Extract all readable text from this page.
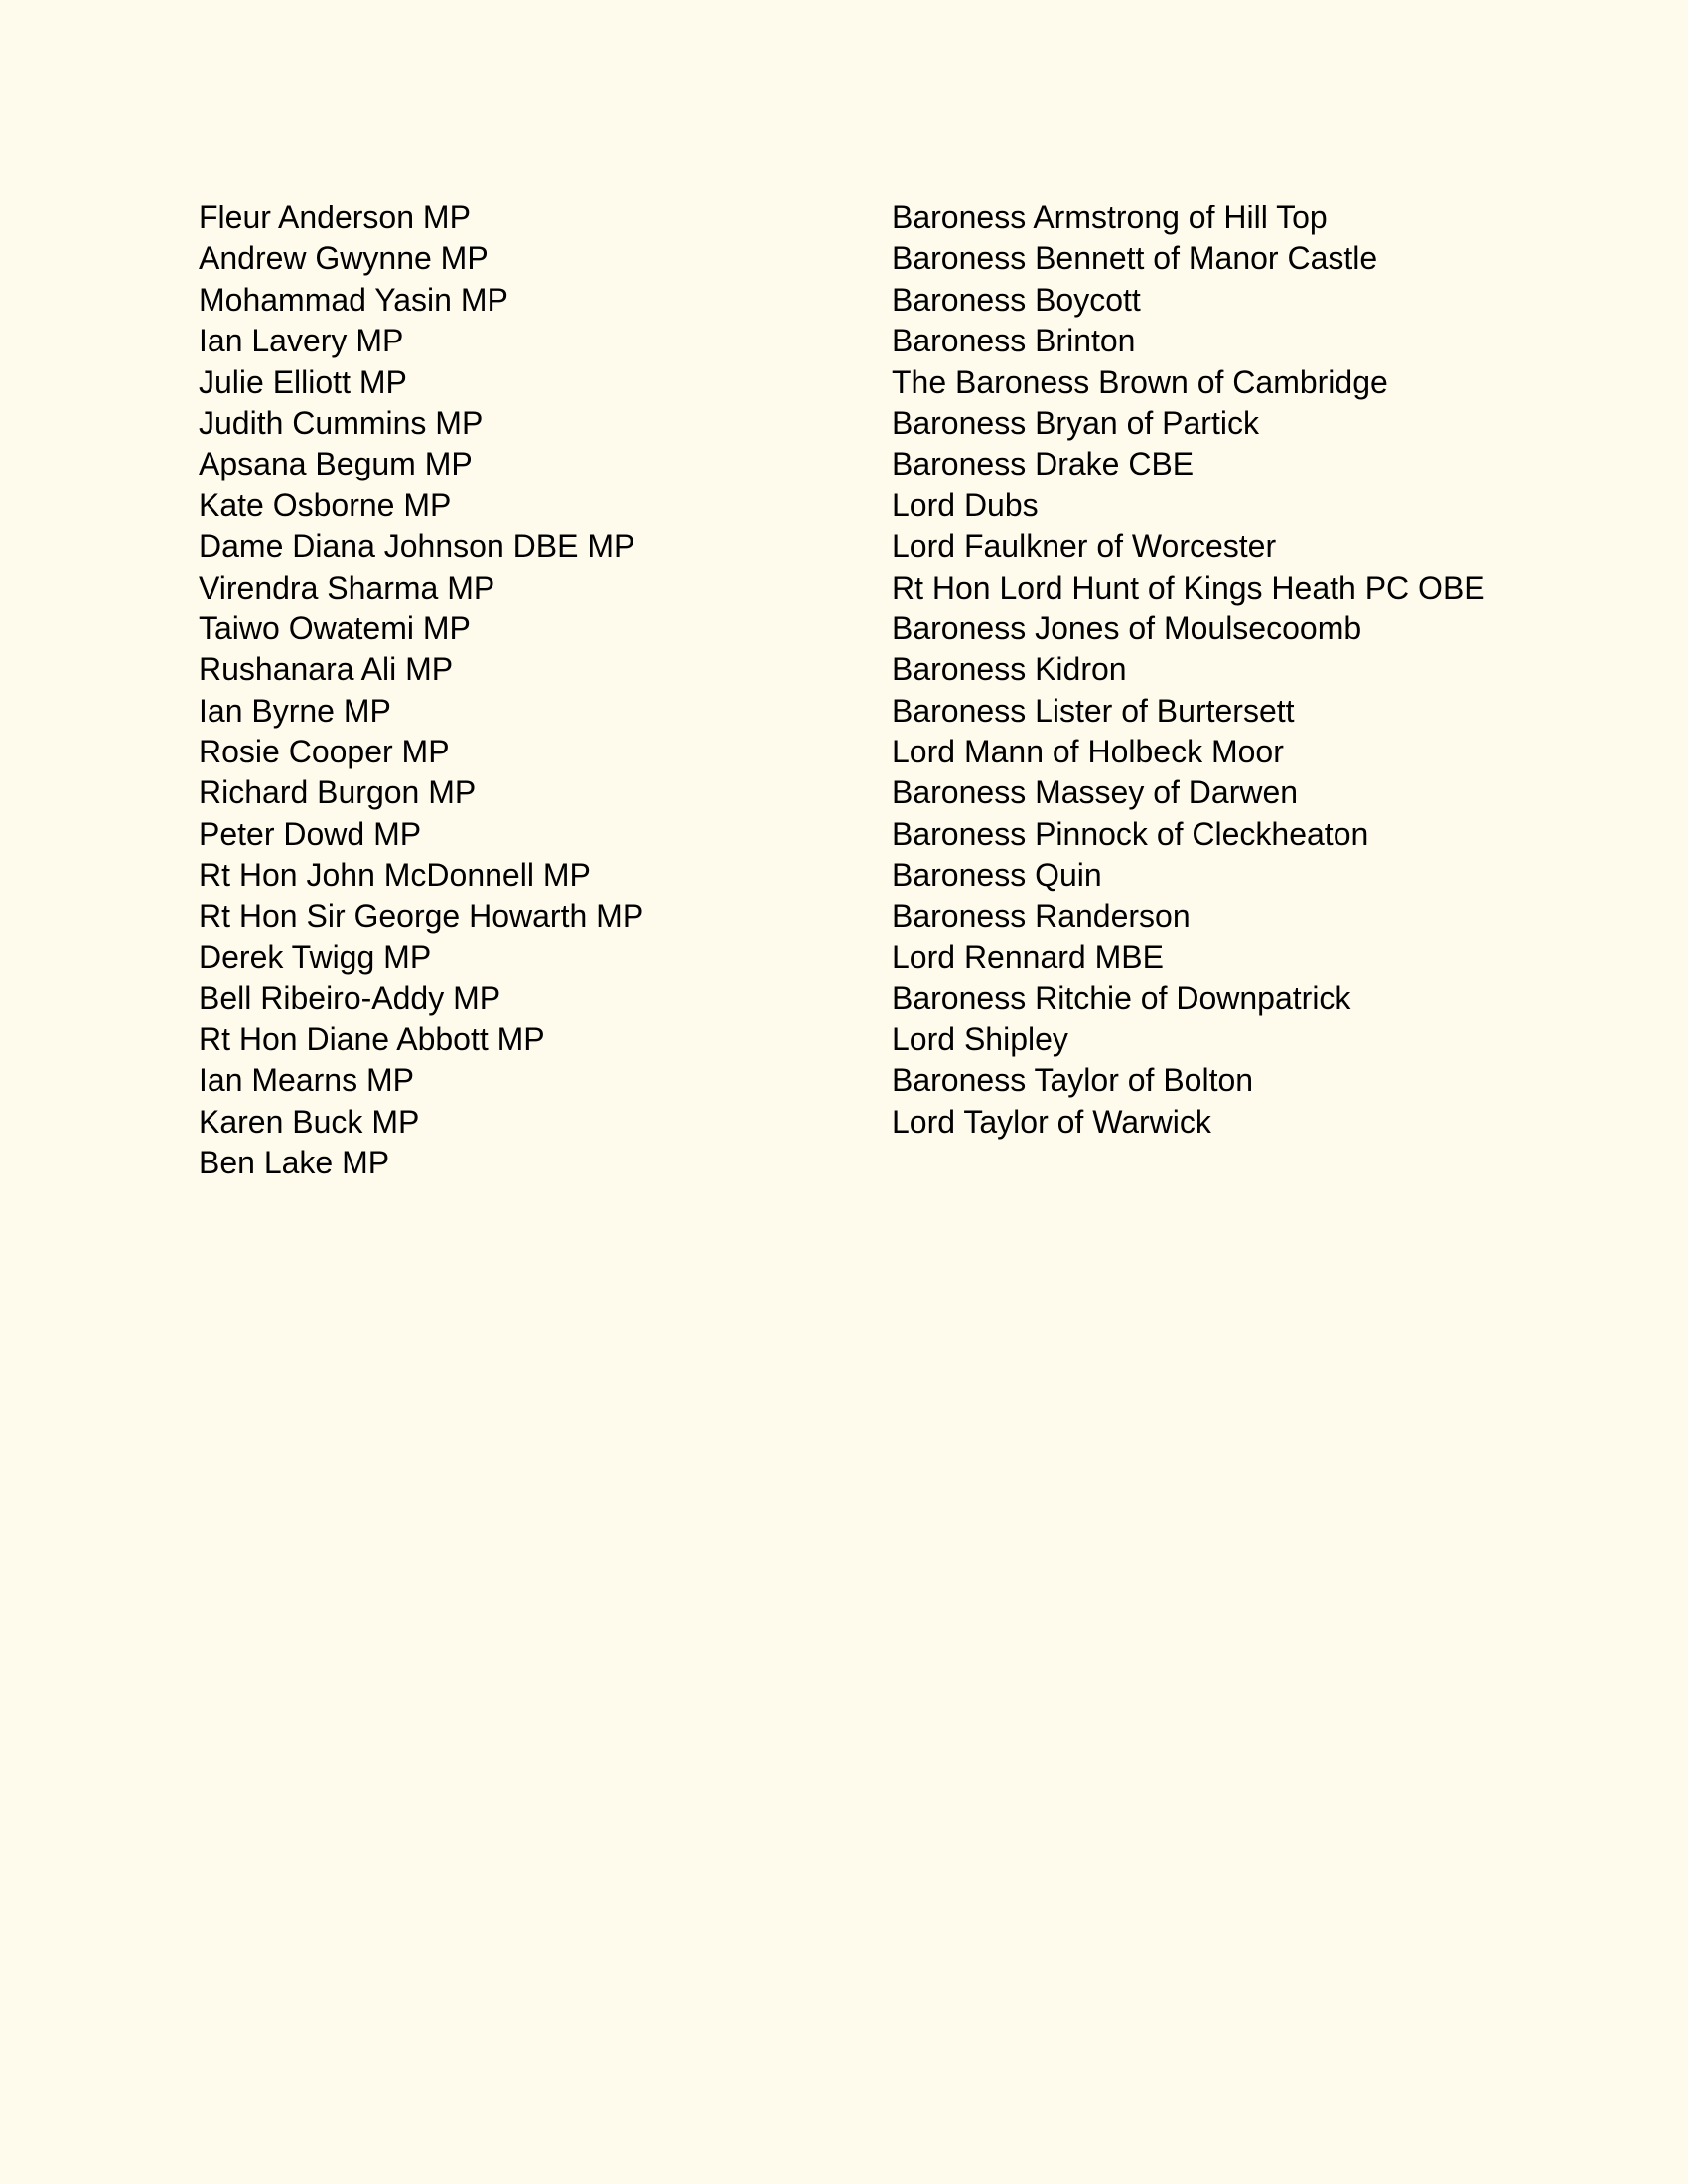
Fleur Anderson MP
Andrew Gwynne MP
Mohammad Yasin MP
Ian Lavery MP
Julie Elliott MP
Judith Cummins MP
Apsana Begum MP
Kate Osborne MP
Dame Diana Johnson DBE MP
Virendra Sharma MP
Taiwo Owatemi MP
Rushanara Ali MP
Ian Byrne MP
Rosie Cooper MP
Richard Burgon MP
Peter Dowd MP
Rt Hon John McDonnell MP
Rt Hon Sir George Howarth MP
Derek Twigg MP
Bell Ribeiro-Addy MP
Rt Hon Diane Abbott MP
Ian Mearns MP
Karen Buck MP
Ben Lake MP
Baroness Armstrong of Hill Top
Baroness Bennett of Manor Castle
Baroness Boycott
Baroness Brinton
The Baroness Brown of Cambridge
Baroness Bryan of Partick
Baroness Drake CBE
Lord Dubs
Lord Faulkner of Worcester
Rt Hon Lord Hunt of Kings Heath PC OBE
Baroness Jones of Moulsecoomb
Baroness Kidron
Baroness Lister of Burtersett
Lord Mann of Holbeck Moor
Baroness Massey of Darwen
Baroness Pinnock of Cleckheaton
Baroness Quin
Baroness Randerson
Lord Rennard MBE
Baroness Ritchie of Downpatrick
Lord Shipley
Baroness Taylor of Bolton
Lord Taylor of Warwick
